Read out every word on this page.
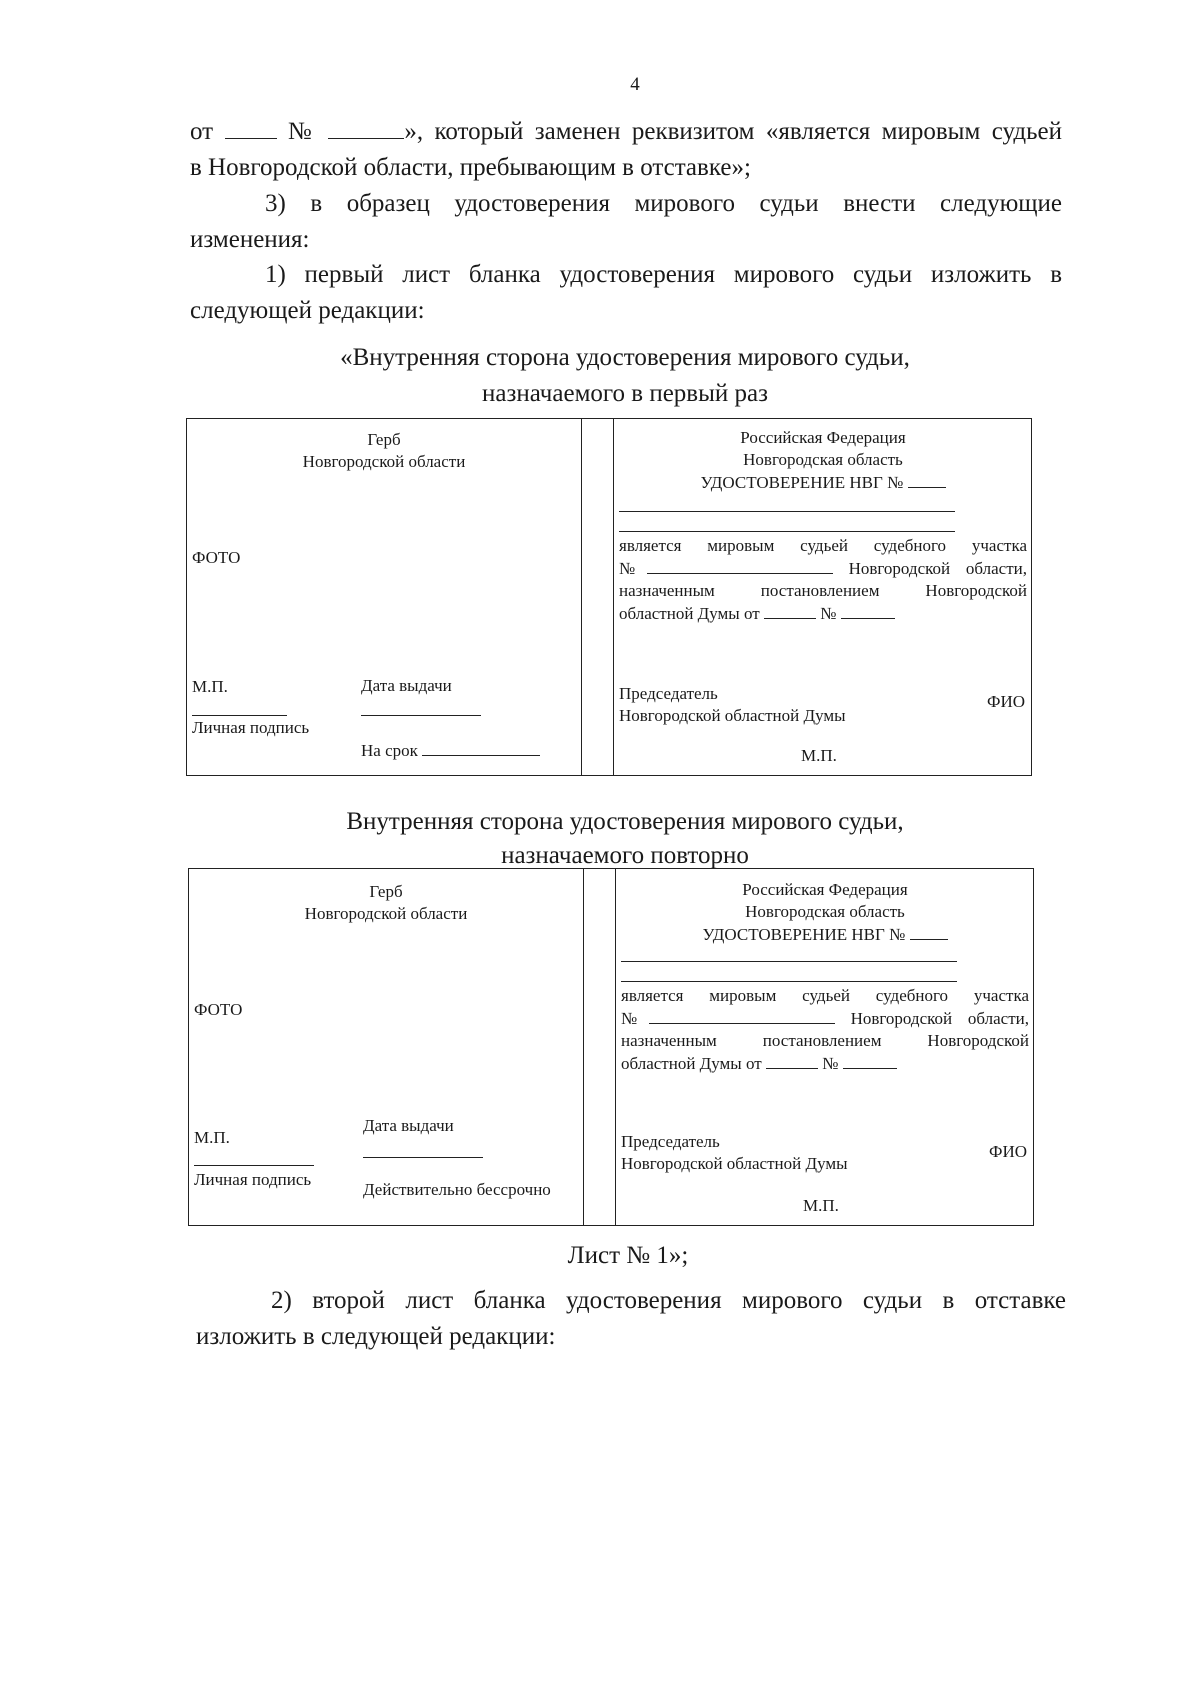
4
от	№	», который заменен реквизитом «является мировым судьей
в Новгородской области, пребывающим в отставке»;
3) в образец удостоверения мирового судьи внести следующие
изменения:
1) первый лист бланка удостоверения мирового судьи изложить в
следующей редакции:
«Внутренняя сторона удостоверения мирового судьи,
назначаемого в первый раз
Герб
Новгородской области
ФОТО
М.П.
Личная подпись
Дата выдачи
На срок
Российская Федерация
Новгородская область
УДОСТОВЕРЕНИЕ НВГ №
является мировым судьей судебного участка
№	Новгородской области,
назначенным постановлением Новгородской
областной Думы от	№
Председатель
Новгородской областной Думы
ФИО
М.П.
Внутренняя сторона удостоверения мирового судьи,
назначаемого повторно
Герб
Новгородской области
ФОТО
М.П.
Личная подпись
Дата выдачи
Действительно бессрочно
Российская Федерация
Новгородская область
УДОСТОВЕРЕНИЕ НВГ №
является мировым судьей судебного участка
№	Новгородской области,
назначенным постановлением Новгородской
областной Думы от	№
Председатель
Новгородской областной Думы
ФИО
М.П.
Лист № 1»;
2) второй лист бланка удостоверения мирового судьи в отставке
изложить в следующей редакции:
